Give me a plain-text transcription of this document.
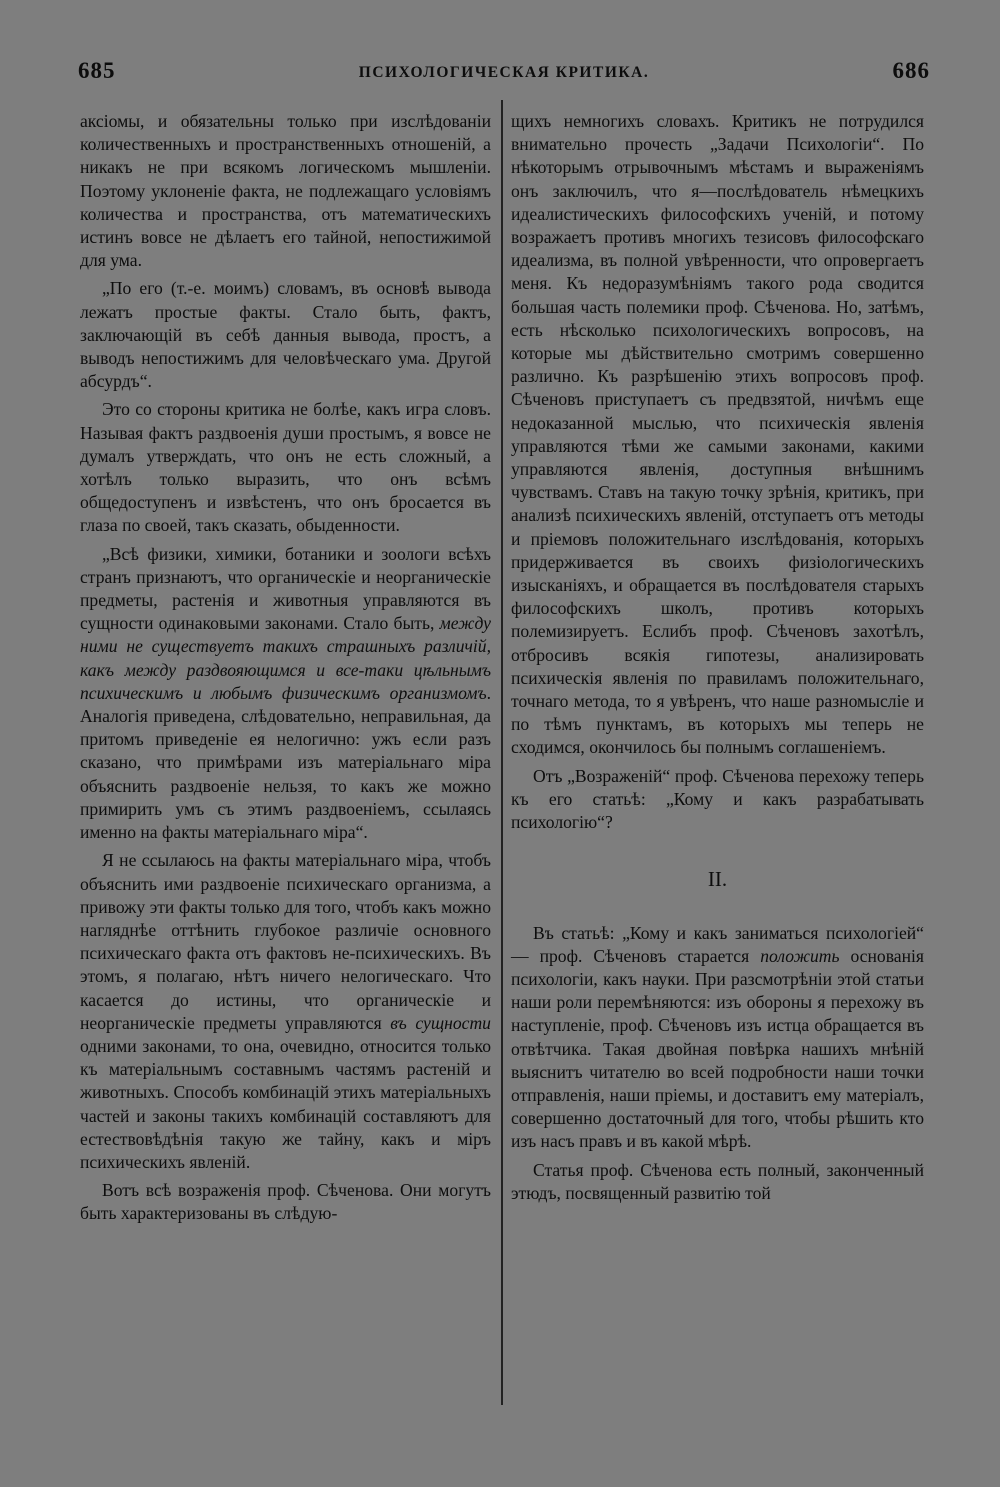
685	ПСИХОЛОГИЧЕСКАЯ КРИТИКА.	686

аксіомы, и обязательны только при изслѣдованіи количественныхъ и пространственныхъ отношеній, а никакъ не при всякомъ логическомъ мышленіи. Поэтому уклоненіе факта, не подлежащаго условіямъ количества и пространства, отъ математическихъ истинъ вовсе не дѣлаетъ его тайной, непостижимой для ума.

„По его (т.-е. моимъ) словамъ, въ основѣ вывода лежатъ простые факты. Стало быть, фактъ, заключающій въ себѣ данныя вывода, простъ, а выводъ непостижимъ для человѣческаго ума. Другой абсурдъ“.

Это со стороны критика не болѣе, какъ игра словъ. Называя фактъ раздвоенія души простымъ, я вовсе не думалъ утверждать, что онъ не есть сложный, а хотѣлъ только выразить, что онъ всѣмъ общедоступенъ и извѣстенъ, что онъ бросается въ глаза по своей, такъ сказать, обыденности.

„Всѣ физики, химики, ботаники и зоологи всѣхъ странъ признаютъ, что органическіе и неорганическіе предметы, растенія и животныя управляются въ сущности одинаковыми законами. Стало быть, между ними не существуетъ такихъ страшныхъ различій, какъ между раздвояющимся и все-таки цѣльнымъ психическимъ и любымъ физическимъ организмомъ. Аналогія приведена, слѣдовательно, неправильная, да притомъ приведеніе ея нелогично: ужъ если разъ сказано, что примѣрами изъ матеріальнаго міра объяснить раздвоеніе нельзя, то какъ же можно примирить умъ съ этимъ раздвоеніемъ, ссылаясь именно на факты матеріальнаго міра“.

Я не ссылаюсь на факты матеріальнаго міра, чтобъ объяснить ими раздвоеніе психическаго организма, а привожу эти факты только для того, чтобъ какъ можно нагляднѣе оттѣнить глубокое различіе основного психическаго факта отъ фактовъ не-психическихъ. Въ этомъ, я полагаю, нѣтъ ничего нелогическаго. Что касается до истины, что органическіе и неорганическіе предметы управляются въ сущности одними законами, то она, очевидно, относится только къ матеріальнымъ составнымъ частямъ растеній и животныхъ. Способъ комбинацій этихъ матеріальныхъ частей и законы такихъ комбинацій составляютъ для естествовѣдѣнія такую же тайну, какъ и міръ психическихъ явленій.

Вотъ всѣ возраженія проф. Сѣченова. Они могутъ быть характеризованы въ слѣдую-

щихъ немногихъ словахъ. Критикъ не потрудился внимательно прочесть „Задачи Психологіи“. По нѣкоторымъ отрывочнымъ мѣстамъ и выраженіямъ онъ заключилъ, что я—послѣдователь нѣмецкихъ идеалистическихъ философскихъ ученій, и потому возражаетъ противъ многихъ тезисовъ философскаго идеализма, въ полной увѣренности, что опровергаетъ меня. Къ недоразумѣніямъ такого рода сводится большая часть полемики проф. Сѣченова. Но, затѣмъ, есть нѣсколько психологическихъ вопросовъ, на которые мы дѣйствительно смотримъ совершенно различно. Къ разрѣшенію этихъ вопросовъ проф. Сѣченовъ приступаетъ съ предвзятой, ничѣмъ еще недоказанной мыслью, что психическія явленія управляются тѣми же самыми законами, какими управляются явленія, доступныя внѣшнимъ чувствамъ. Ставъ на такую точку зрѣнія, критикъ, при анализѣ психическихъ явленій, отступаетъ отъ методы и пріемовъ положительнаго изслѣдованія, которыхъ придерживается въ своихъ физіологическихъ изысканіяхъ, и обращается въ послѣдователя старыхъ философскихъ школъ, противъ которыхъ полемизируетъ. Еслибъ проф. Сѣченовъ захотѣлъ, отбросивъ всякія гипотезы, анализировать психическія явленія по правиламъ положительнаго, точнаго метода, то я увѣренъ, что наше разномысліе и по тѣмъ пунктамъ, въ которыхъ мы теперь не сходимся, окончилось бы полнымъ соглашеніемъ.

Отъ „Возраженій“ проф. Сѣченова перехожу теперь къ его статьѣ: „Кому и какъ разрабатывать психологію“?

II.

Въ статьѣ: „Кому и какъ заниматься психологіей“ — проф. Сѣченовъ старается положить основанія психологіи, какъ науки. При разсмотрѣніи этой статьи наши роли перемѣняются: изъ обороны я перехожу въ наступленіе, проф. Сѣченовъ изъ истца обращается въ отвѣтчика. Такая двойная повѣрка нашихъ мнѣній выяснитъ читателю во всей подробности наши точки отправленія, наши пріемы, и доставитъ ему матеріалъ, совершенно достаточный для того, чтобы рѣшить кто изъ насъ правъ и въ какой мѣрѣ.

Статья проф. Сѣченова есть полный, законченный этюдъ, посвященный развитію той
